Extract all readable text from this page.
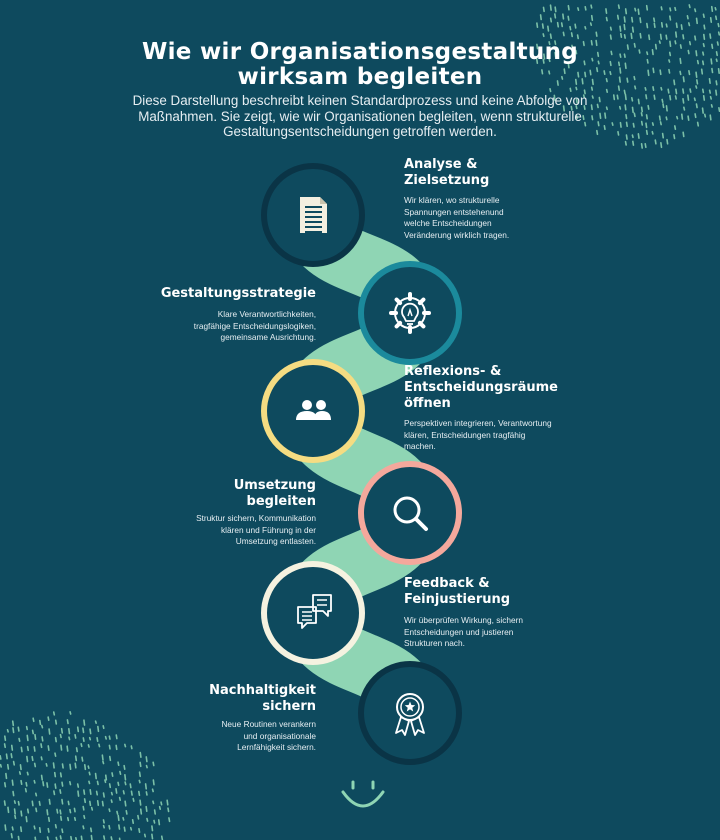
Wie wir Organisationsgestaltung
wirksam begleiten
Diese Darstellung beschreibt keinen Standardprozess und keine Abfolge von
Maßnahmen. Sie zeigt, wie wir Organisationen begleiten, wenn strukturelle
Gestaltungsentscheidungen getroffen werden.
Analyse &
Zielsetzung
Wir klären, wo strukturelle
Spannungen entstehenund
welche Entscheidungen
Veränderung wirklich tragen.
Gestaltungsstrategie
Klare Verantwortlichkeiten,
tragfähige Entscheidungslogiken,
gemeinsame Ausrichtung.
Reflexions- &
Entscheidungsräume
öffnen
Perspektiven integrieren, Verantwortung
klären, Entscheidungen tragfähig
machen.
Umsetzung
begleiten
Struktur sichern, Kommunikation
klären und Führung in der
Umsetzung entlasten.
Feedback &
Feinjustierung
Wir überprüfen Wirkung, sichern
Entscheidungen und justieren
Strukturen nach.
Nachhaltigkeit
sichern
Neue Routinen verankern
und organisationale
Lernfähigkeit sichern.
